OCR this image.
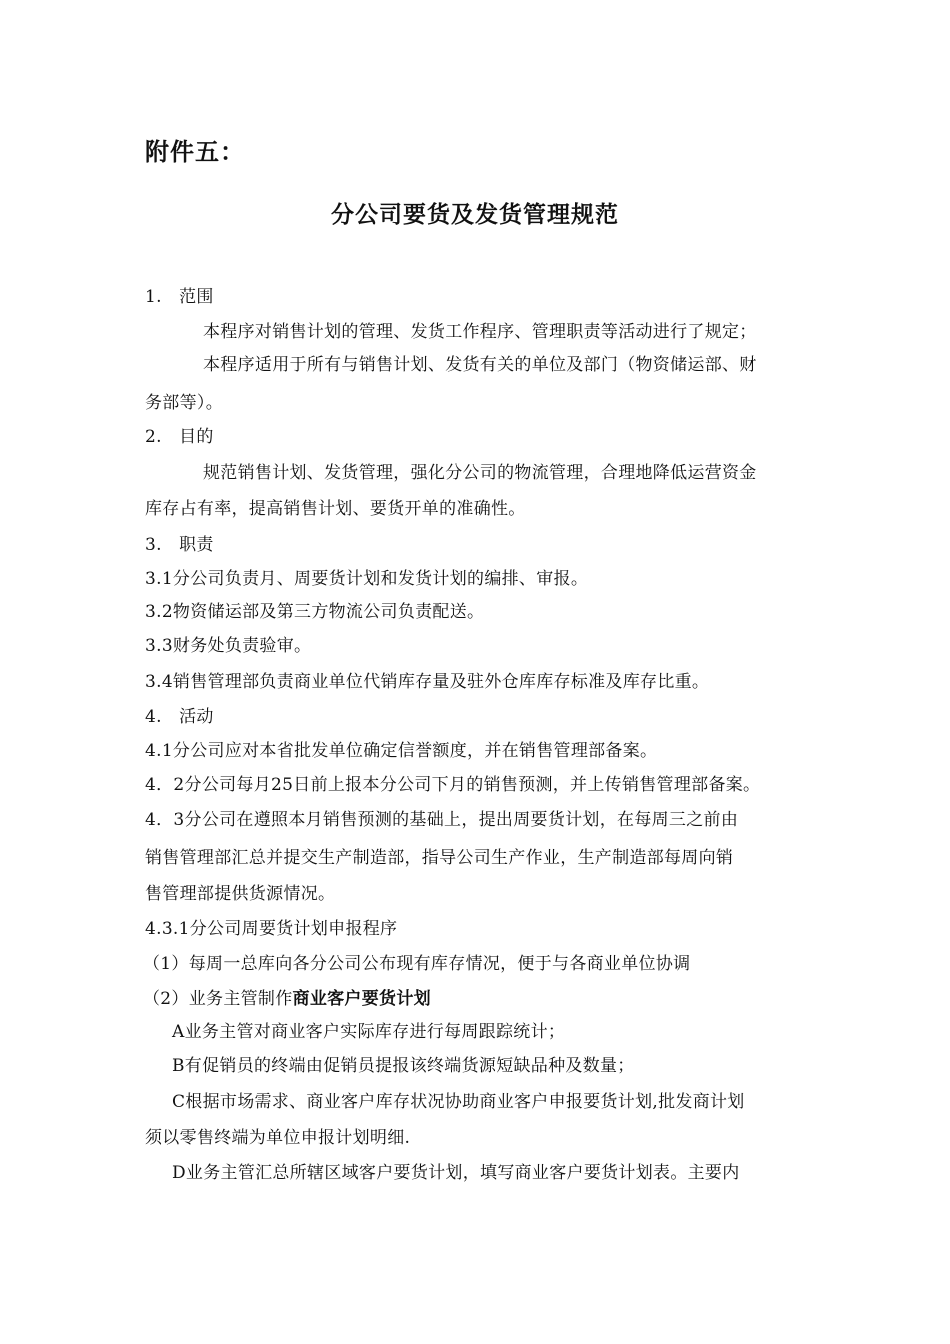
附件五：
分公司要货及发货管理规范
1.　范围
本程序对销售计划的管理、发货工作程序、管理职责等活动进行了规定；
本程序适用于所有与销售计划、发货有关的单位及部门（物资储运部、财
务部等）。
2.　目的
规范销售计划、发货管理，强化分公司的物流管理，合理地降低运营资金
库存占有率，提高销售计划、要货开单的准确性。
3.　职责
3.1分公司负责月、周要货计划和发货计划的编排、审报。
3.2物资储运部及第三方物流公司负责配送。
3.3财务处负责验审。
3.4销售管理部负责商业单位代销库存量及驻外仓库库存标准及库存比重。
4.　活动
4.1分公司应对本省批发单位确定信誉额度，并在销售管理部备案。
4．2分公司每月25日前上报本分公司下月的销售预测，并上传销售管理部备案。
4．3分公司在遵照本月销售预测的基础上，提出周要货计划，在每周三之前由
销售管理部汇总并提交生产制造部，指导公司生产作业，生产制造部每周向销
售管理部提供货源情况。
4.3.1分公司周要货计划申报程序
（1）每周一总库向各分公司公布现有库存情况，便于与各商业单位协调
（2）业务主管制作商业客户要货计划
A业务主管对商业客户实际库存进行每周跟踪统计；
B有促销员的终端由促销员提报该终端货源短缺品种及数量；
C根据市场需求、商业客户库存状况协助商业客户申报要货计划,批发商计划
须以零售终端为单位申报计划明细.
D业务主管汇总所辖区域客户要货计划，填写商业客户要货计划表。主要内
